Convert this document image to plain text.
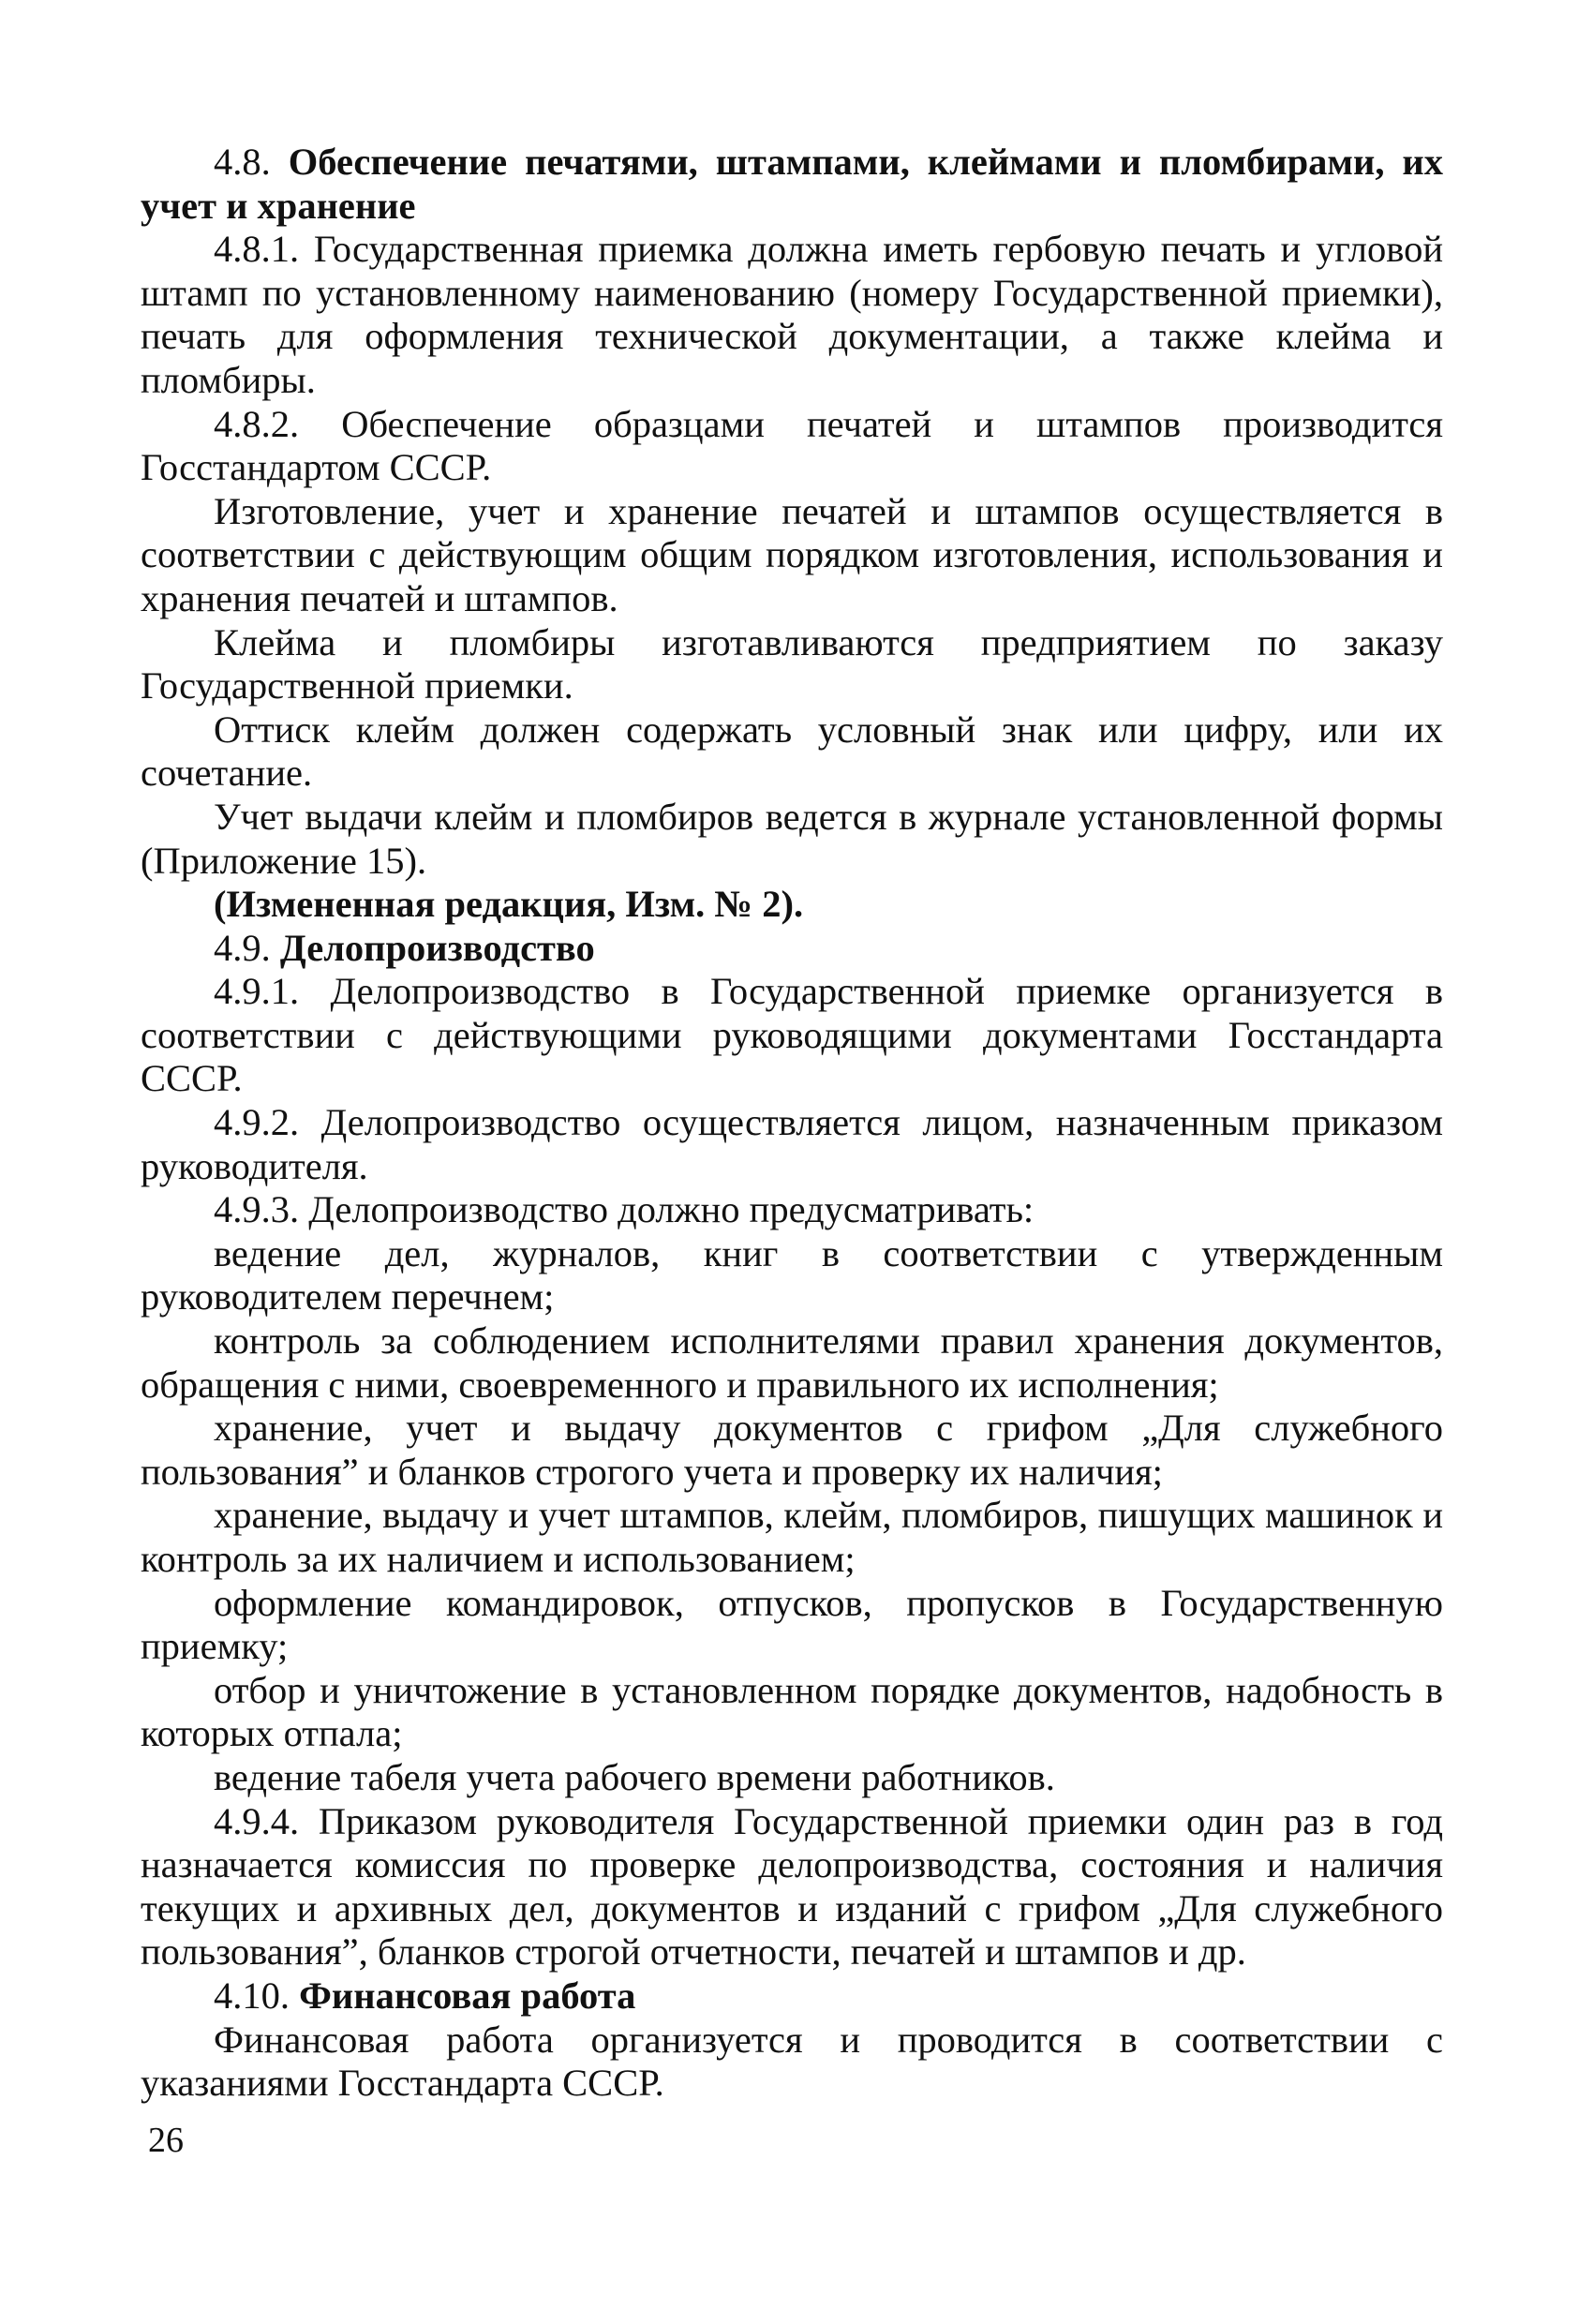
4.8. Обеспечение печатями, штампами, клеймами и пломбирами, их учет и хранение

4.8.1. Государственная приемка должна иметь гербовую печать и угловой штамп по установленному наименованию (номеру Государственной приемки), печать для оформления технической документации, а также клейма и пломбиры.

4.8.2. Обеспечение образцами печатей и штампов производится Госстандартом СССР.

Изготовление, учет и хранение печатей и штампов осуществляется в соответствии с действующим общим порядком изготовления, использования и хранения печатей и штампов.

Клейма и пломбиры изготавливаются предприятием по заказу Государственной приемки.

Оттиск клейм должен содержать условный знак или цифру, или их сочетание.

Учет выдачи клейм и пломбиров ведется в журнале установленной формы (Приложение 15).

(Измененная редакция, Изм. № 2).

4.9. Делопроизводство

4.9.1. Делопроизводство в Государственной приемке организуется в соответствии с действующими руководящими документами Госстандарта СССР.

4.9.2. Делопроизводство осуществляется лицом, назначенным приказом руководителя.

4.9.3. Делопроизводство должно предусматривать:

ведение дел, журналов, книг в соответствии с утвержденным руководителем перечнем;

контроль за соблюдением исполнителями правил хранения документов, обращения с ними, своевременного и правильного их исполнения;

хранение, учет и выдачу документов с грифом „Для служебного пользования” и бланков строгого учета и проверку их наличия;

хранение, выдачу и учет штампов, клейм, пломбиров, пишущих машинок и контроль за их наличием и использованием;

оформление командировок, отпусков, пропусков в Государственную приемку;

отбор и уничтожение в установленном порядке документов, надобность в которых отпала;

ведение табеля учета рабочего времени работников.

4.9.4. Приказом руководителя Государственной приемки один раз в год назначается комиссия по проверке делопроизводства, состояния и наличия текущих и архивных дел, документов и изданий с грифом „Для служебного пользования”, бланков строгой отчетности, печатей и штампов и др.

4.10. Финансовая работа

Финансовая работа организуется и проводится в соответствии с указаниями Госстандарта СССР.

26
